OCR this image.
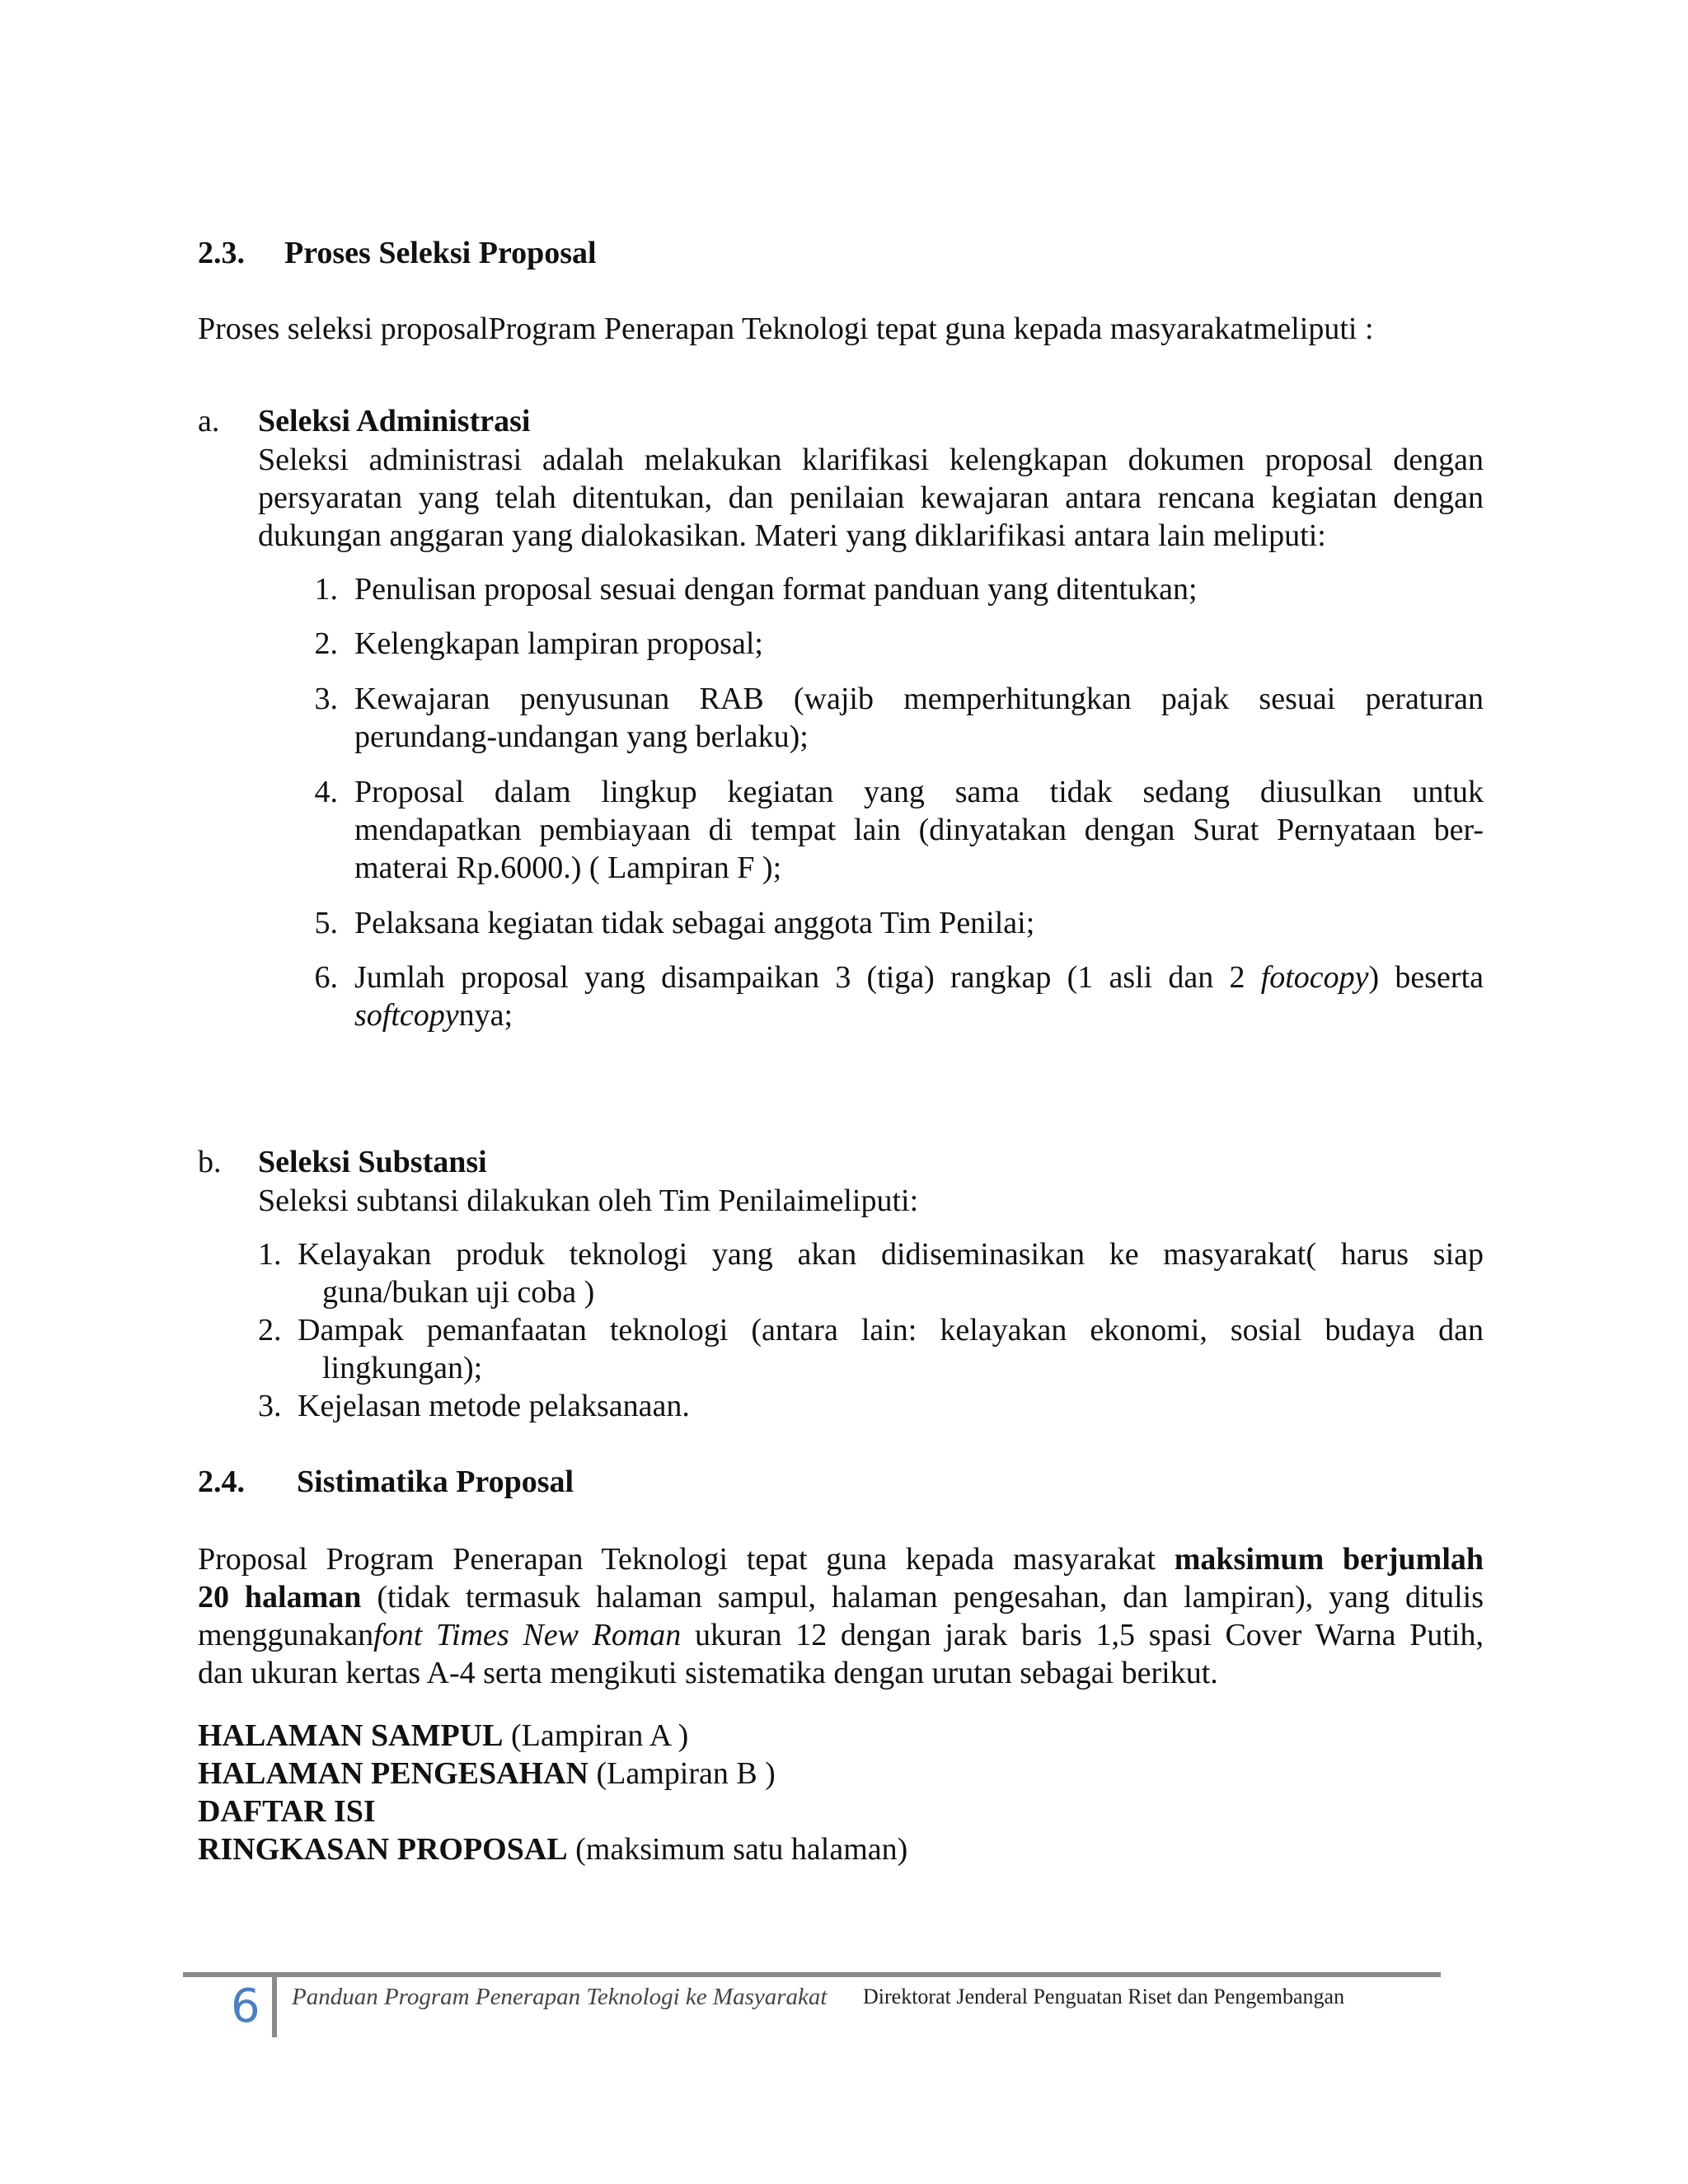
2.3. Proses Seleksi Proposal
Proses seleksi proposalProgram Penerapan Teknologi tepat guna kepada masyarakatmeliputi :
a. Seleksi Administrasi
Seleksi administrasi adalah melakukan klarifikasi kelengkapan dokumen proposal dengan
persyaratan yang telah ditentukan, dan penilaian kewajaran antara rencana kegiatan dengan
dukungan anggaran yang dialokasikan. Materi yang diklarifikasi antara lain meliputi:
1. Penulisan proposal sesuai dengan format panduan yang ditentukan;
2. Kelengkapan lampiran proposal;
3. Kewajaran penyusunan RAB (wajib memperhitungkan pajak sesuai peraturan
perundang-undangan yang berlaku);
4. Proposal dalam lingkup kegiatan yang sama tidak sedang diusulkan untuk
mendapatkan pembiayaan di tempat lain (dinyatakan dengan Surat Pernyataan ber-
materai Rp.6000.) ( Lampiran F );
5. Pelaksana kegiatan tidak sebagai anggota Tim Penilai;
6. Jumlah proposal yang disampaikan 3 (tiga) rangkap (1 asli dan 2 fotocopy) beserta
softcopynya;
b. Seleksi Substansi
Seleksi subtansi dilakukan oleh Tim Penilaimeliputi:
1. Kelayakan produk teknologi yang akan didiseminasikan ke masyarakat( harus siap
guna/bukan uji coba )
2. Dampak pemanfaatan teknologi (antara lain: kelayakan ekonomi, sosial budaya dan
lingkungan);
3. Kejelasan metode pelaksanaan.
2.4. Sistimatika Proposal
Proposal Program Penerapan Teknologi tepat guna kepada masyarakat maksimum berjumlah
20 halaman (tidak termasuk halaman sampul, halaman pengesahan, dan lampiran), yang ditulis
menggunakanfont Times New Roman ukuran 12 dengan jarak baris 1,5 spasi Cover Warna Putih,
dan ukuran kertas A-4 serta mengikuti sistematika dengan urutan sebagai berikut.
HALAMAN SAMPUL (Lampiran A )
HALAMAN PENGESAHAN (Lampiran B )
DAFTAR ISI
RINGKASAN PROPOSAL (maksimum satu halaman)
6 Panduan Program Penerapan Teknologi ke Masyarakat Direktorat Jenderal Penguatan Riset dan Pengembangan
